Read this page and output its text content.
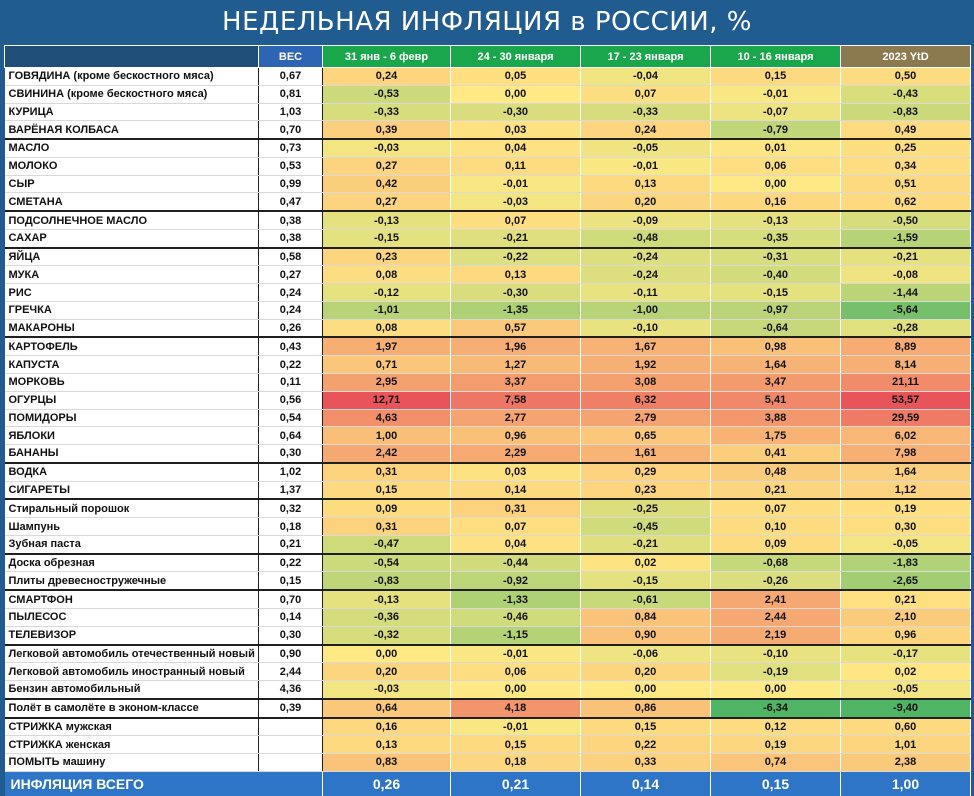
НЕДЕЛЬНАЯ ИНФЛЯЦИЯ в РОССИИ, %
	ВЕС	31 янв - 6 февр	24 - 30 января	17 - 23 января	10 - 16 января	2023 YtD
ГОВЯДИНА (кроме бескостного мяса)	0,67	0,24	0,05	-0,04	0,15	0,50
СВИНИНА (кроме бескостного мяса)	0,81	-0,53	0,00	0,07	-0,01	-0,43
КУРИЦА	1,03	-0,33	-0,30	-0,33	-0,07	-0,83
ВАРЁНАЯ КОЛБАСА	0,70	0,39	0,03	0,24	-0,79	0,49
МАСЛО	0,73	-0,03	0,04	-0,05	0,01	0,25
МОЛОКО	0,53	0,27	0,11	-0,01	0,06	0,34
СЫР	0,99	0,42	-0,01	0,13	0,00	0,51
СМЕТАНА	0,47	0,27	-0,03	0,20	0,16	0,62
ПОДСОЛНЕЧНОЕ МАСЛО	0,38	-0,13	0,07	-0,09	-0,13	-0,50
САХАР	0,38	-0,15	-0,21	-0,48	-0,35	-1,59
ЯЙЦА	0,58	0,23	-0,22	-0,24	-0,31	-0,21
МУКА	0,27	0,08	0,13	-0,24	-0,40	-0,08
РИС	0,24	-0,12	-0,30	-0,11	-0,15	-1,44
ГРЕЧКА	0,24	-1,01	-1,35	-1,00	-0,97	-5,64
МАКАРОНЫ	0,26	0,08	0,57	-0,10	-0,64	-0,28
КАРТОФЕЛЬ	0,43	1,97	1,96	1,67	0,98	8,89
КАПУСТА	0,22	0,71	1,27	1,92	1,64	8,14
МОРКОВЬ	0,11	2,95	3,37	3,08	3,47	21,11
ОГУРЦЫ	0,56	12,71	7,58	6,32	5,41	53,57
ПОМИДОРЫ	0,54	4,63	2,77	2,79	3,88	29,59
ЯБЛОКИ	0,64	1,00	0,96	0,65	1,75	6,02
БАНАНЫ	0,30	2,42	2,29	1,61	0,41	7,98
ВОДКА	1,02	0,31	0,03	0,29	0,48	1,64
СИГАРЕТЫ	1,37	0,15	0,14	0,23	0,21	1,12
Стиральный порошок	0,32	0,09	0,31	-0,25	0,07	0,19
Шампунь	0,18	0,31	0,07	-0,45	0,10	0,30
Зубная паста	0,21	-0,47	0,04	-0,21	0,09	-0,05
Доска обрезная	0,22	-0,54	-0,44	0,02	-0,68	-1,83
Плиты древесностружечные	0,15	-0,83	-0,92	-0,15	-0,26	-2,65
СМАРТФОН	0,70	-0,13	-1,33	-0,61	2,41	0,21
ПЫЛЕСОС	0,14	-0,36	-0,46	0,84	2,44	2,10
ТЕЛЕВИЗОР	0,30	-0,32	-1,15	0,90	2,19	0,96
Легковой автомобиль отечественный новый	0,90	0,00	-0,01	-0,06	-0,10	-0,17
Легковой автомобиль иностранный новый	2,44	0,20	0,06	0,20	-0,19	0,02
Бензин автомобильный	4,36	-0,03	0,00	0,00	0,00	-0,05
Полёт в самолёте в эконом-классе	0,39	0,64	4,18	0,86	-6,34	-9,40
СТРИЖКА мужская		0,16	-0,01	0,15	0,12	0,60
СТРИЖКА женская		0,13	0,15	0,22	0,19	1,01
ПОМЫТЬ машину		0,83	0,18	0,33	0,74	2,38
ИНФЛЯЦИЯ ВСЕГО		0,26	0,21	0,14	0,15	1,00
